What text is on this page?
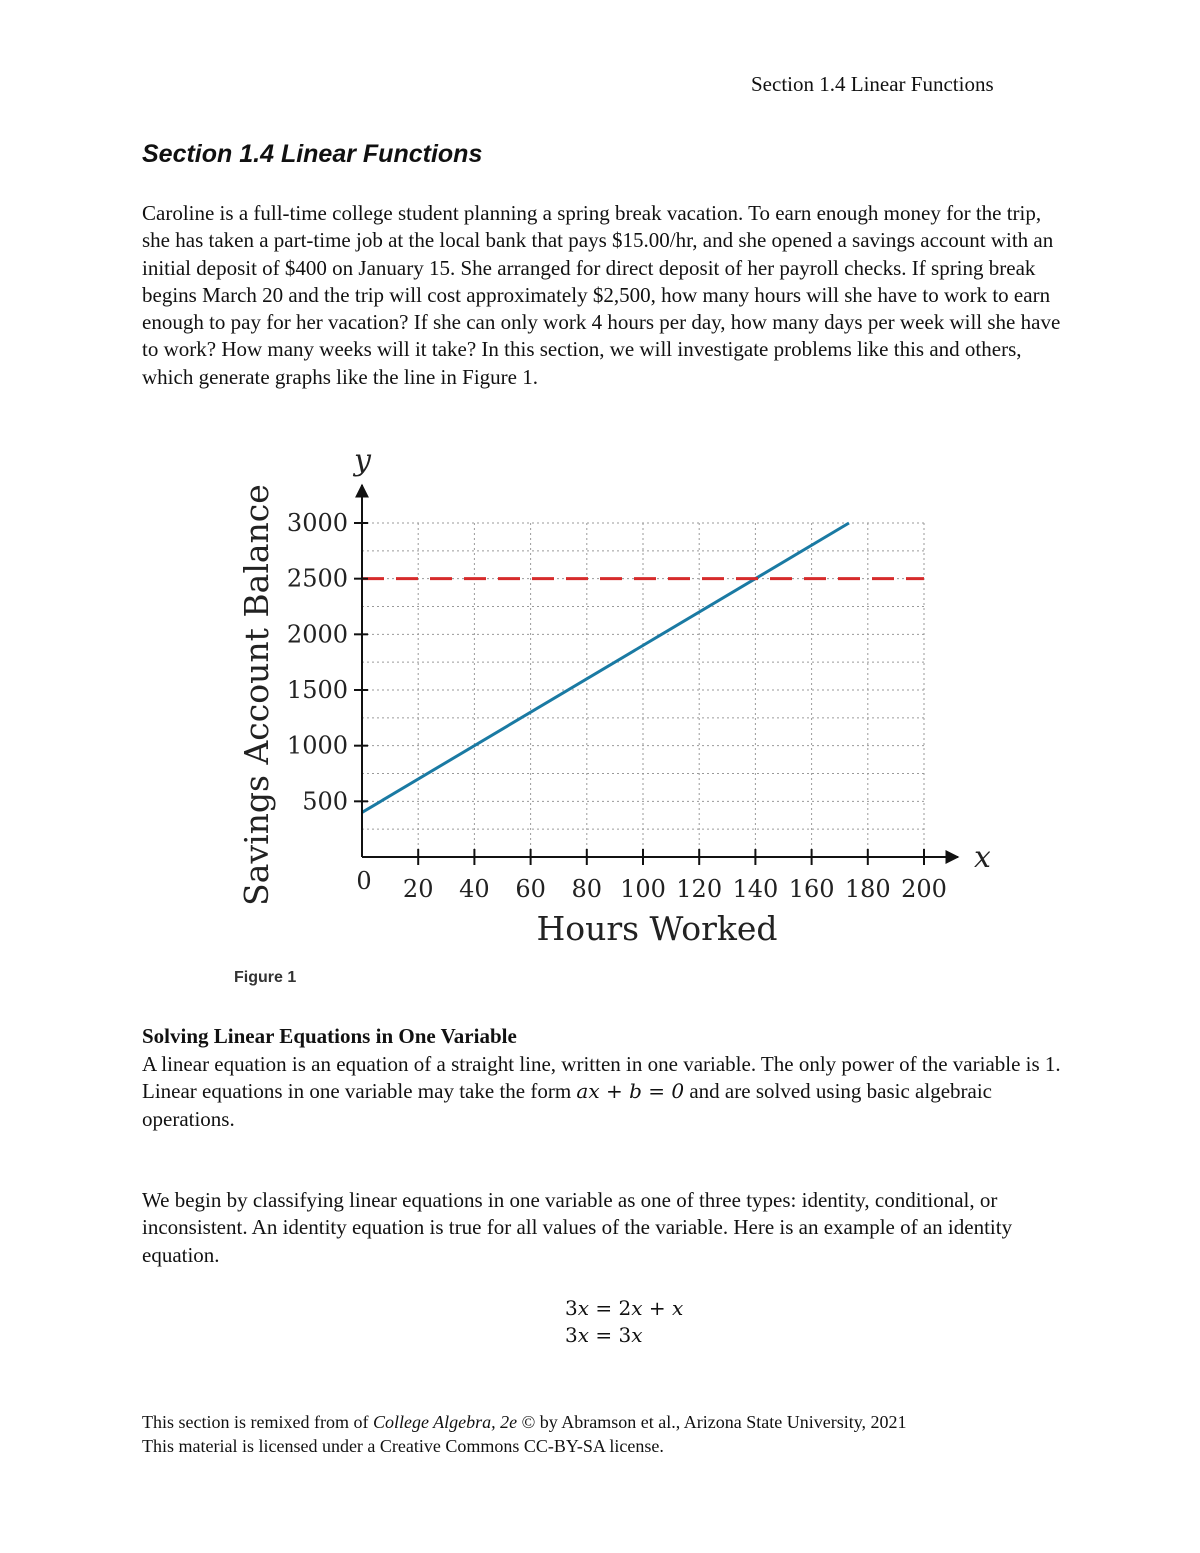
Section 1.4 Linear Functions
Section 1.4 Linear Functions

Caroline is a full-time college student planning a spring break vacation. To earn enough money for the trip, she has taken a part-time job at the local bank that pays $15.00/hr, and she opened a savings account with an initial deposit of $400 on January 15. She arranged for direct deposit of her payroll checks. If spring break begins March 20 and the trip will cost approximately $2,500, how many hours will she have to work to earn enough to pay for her vacation? If she can only work 4 hours per day, how many days per week will she have to work? How many weeks will it take? In this section, we will investigate problems like this and others, which generate graphs like the line in Figure 1.

20 40 60 80 100 120 140 160 180 200
500
1000
1500
2000
2500
3000
0
Hours Worked
Savings Account Balance	x
y
Figure 1
Solving Linear Equations in One Variable

A linear equation is an equation of a straight line, written in one variable. The only power of the variable is 1. Linear equations in one variable may take the form ax + b = 0 and are solved using basic algebraic operations.

We begin by classifying linear equations in one variable as one of three types: identity, conditional, or inconsistent. An identity equation is true for all values of the variable. Here is an example of an identity equation.

3x = 2x + x
3x = 3x
This section is remixed from of College Algebra, 2e © by Abramson et al., Arizona State University, 2021
This material is licensed under a Creative Commons CC-BY-SA license.
